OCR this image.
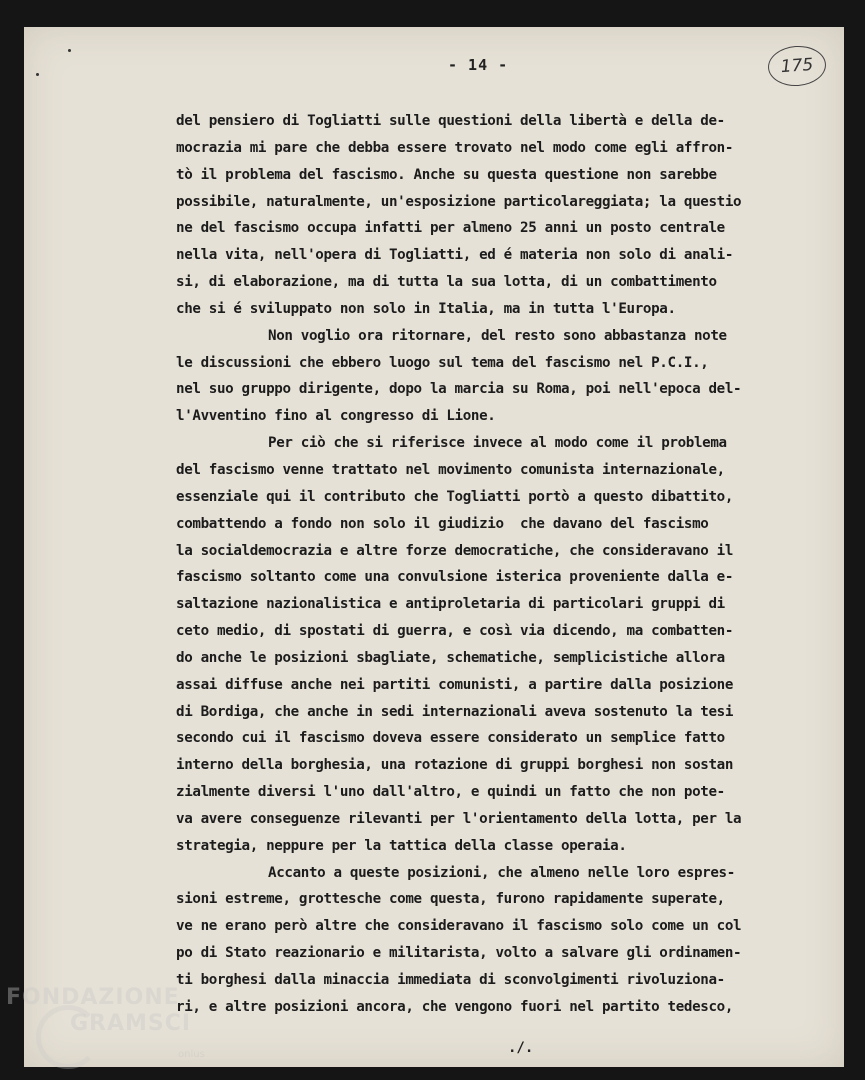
- 14 -	175
del pensiero di Togliatti sulle questioni della libertà e della de-
mocrazia mi pare che debba essere trovato nel modo come egli affron-
tò il problema del fascismo. Anche su questa questione non sarebbe
possibile, naturalmente, un'esposizione particolareggiata; la questio
ne del fascismo occupa infatti per almeno 25 anni un posto centrale
nella vita, nell'opera di Togliatti, ed é materia non solo di anali-
si, di elaborazione, ma di tutta la sua lotta, di un combattimento
che si é sviluppato non solo in Italia, ma in tutta l'Europa.
Non voglio ora ritornare, del resto sono abbastanza note
le discussioni che ebbero luogo sul tema del fascismo nel P.C.I.,
nel suo gruppo dirigente, dopo la marcia su Roma, poi nell'epoca del-
l'Avventino fino al congresso di Lione.
Per ciò che si riferisce invece al modo come il problema
del fascismo venne trattato nel movimento comunista internazionale,
essenziale qui il contributo che Togliatti portò a questo dibattito,
combattendo a fondo non solo il giudizio  che davano del fascismo
la socialdemocrazia e altre forze democratiche, che consideravano il
fascismo soltanto come una convulsione isterica proveniente dalla e-
saltazione nazionalistica e antiproletaria di particolari gruppi di
ceto medio, di spostati di guerra, e così via dicendo, ma combatten-
do anche le posizioni sbagliate, schematiche, semplicistiche allora
assai diffuse anche nei partiti comunisti, a partire dalla posizione
di Bordiga, che anche in sedi internazionali aveva sostenuto la tesi
secondo cui il fascismo doveva essere considerato un semplice fatto
interno della borghesia, una rotazione di gruppi borghesi non sostan
zialmente diversi l'uno dall'altro, e quindi un fatto che non pote-
va avere conseguenze rilevanti per l'orientamento della lotta, per la
strategia, neppure per la tattica della classe operaia.
Accanto a queste posizioni, che almeno nelle loro espres-
sioni estreme, grottesche come questa, furono rapidamente superate,
ve ne erano però altre che consideravano il fascismo solo come un col
po di Stato reazionario e militarista, volto a salvare gli ordinamen-
ti borghesi dalla minaccia immediata di sconvolgimenti rivoluziona-
ri, e altre posizioni ancora, che vengono fuori nel partito tedesco,
./.
FONDAZIONE
GRAMSCI
onlus
